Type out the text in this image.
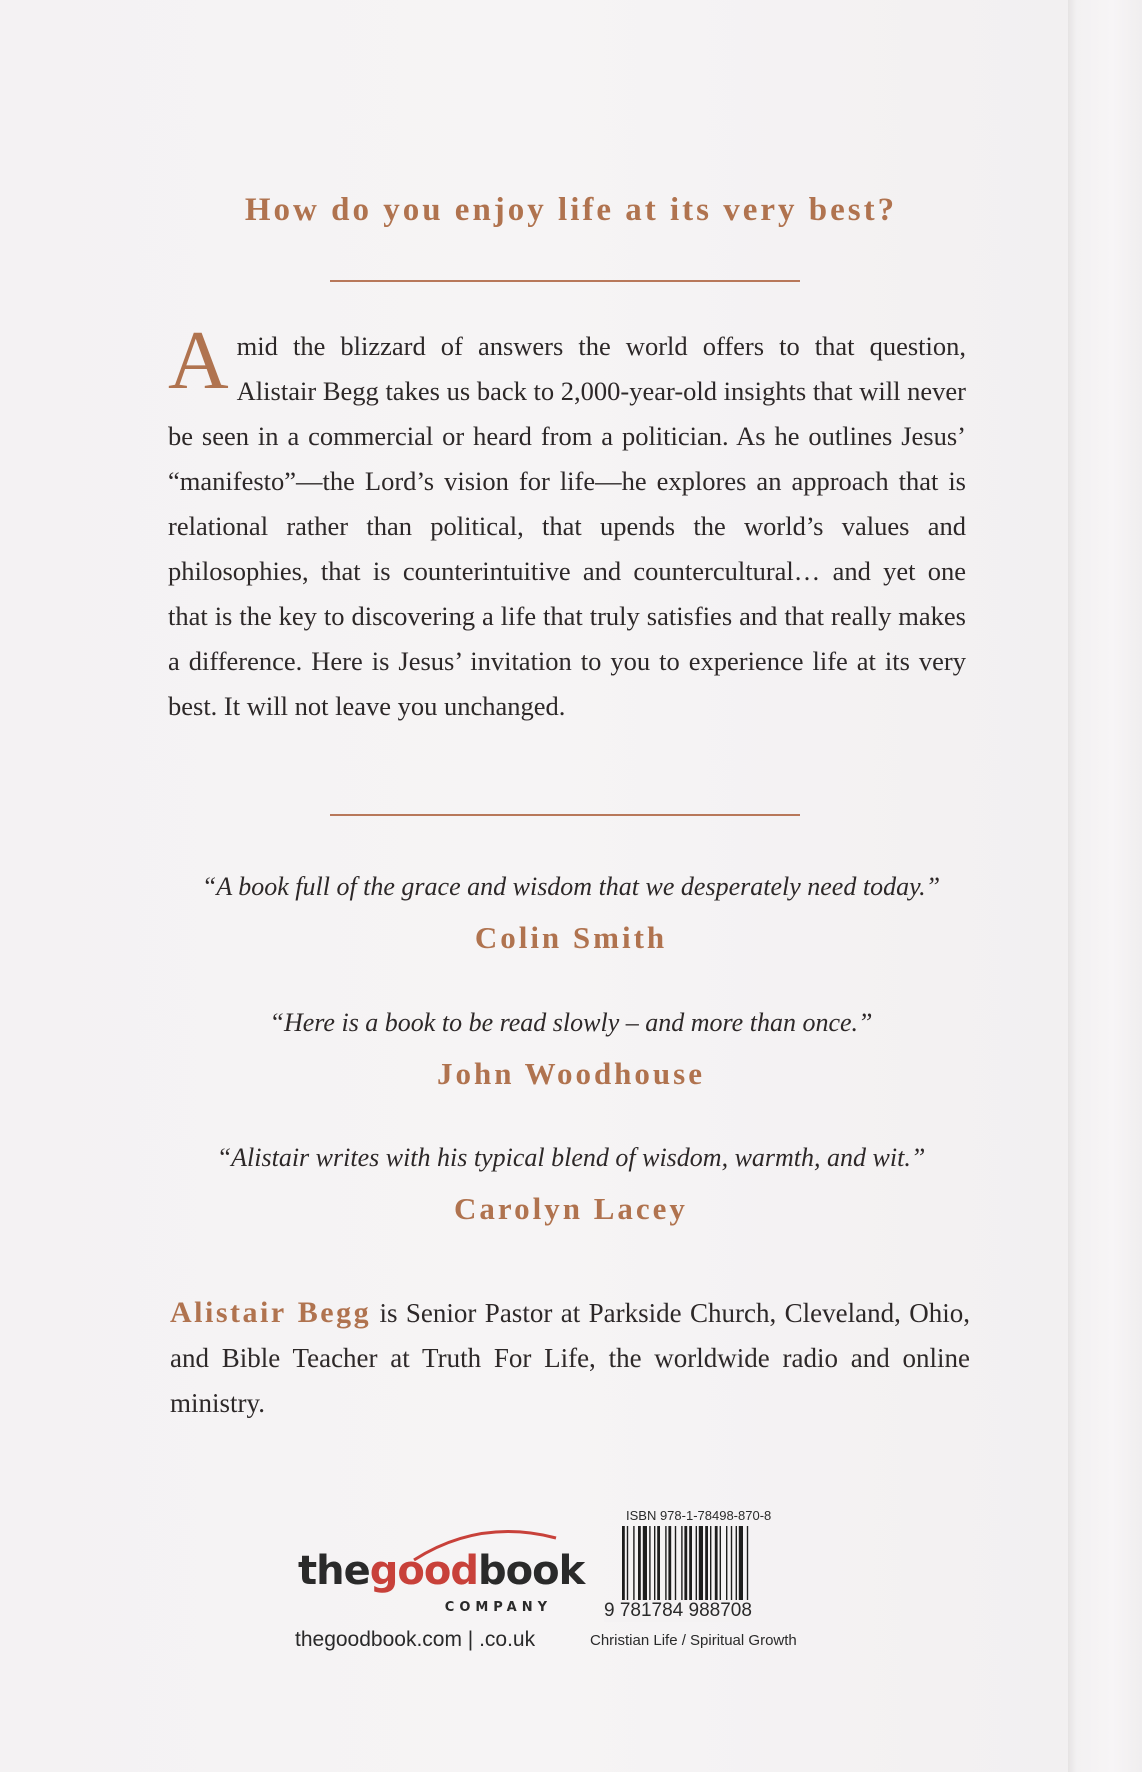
How do you enjoy life at its very best?
Amid the blizzard of answers the world offers to that question, Alistair Begg takes us back to 2,000-year-old insights that will never be seen in a commercial or heard from a politician. As he outlines Jesus’ “manifesto”—the Lord’s vision for life—he explores an approach that is relational rather than political, that upends the world’s values and philosophies, that is counterintuitive and countercultural… and yet one that is the key to discovering a life that truly satisfies and that really makes a difference. Here is Jesus’ invitation to you to experience life at its very best. It will not leave you unchanged.
“A book full of the grace and wisdom that we desperately need today.”
Colin Smith
“Here is a book to be read slowly – and more than once.”
John Woodhouse
“Alistair writes with his typical blend of wisdom, warmth, and wit.”
Carolyn Lacey
Alistair Begg is Senior Pastor at Parkside Church, Cleveland, Ohio, and Bible Teacher at Truth For Life, the worldwide radio and online ministry.
thegoodbook
COMPANY
thegoodbook.com | .co.uk
ISBN 978-1-78498-870-8
9 781784 988708
Christian Life / Spiritual Growth
